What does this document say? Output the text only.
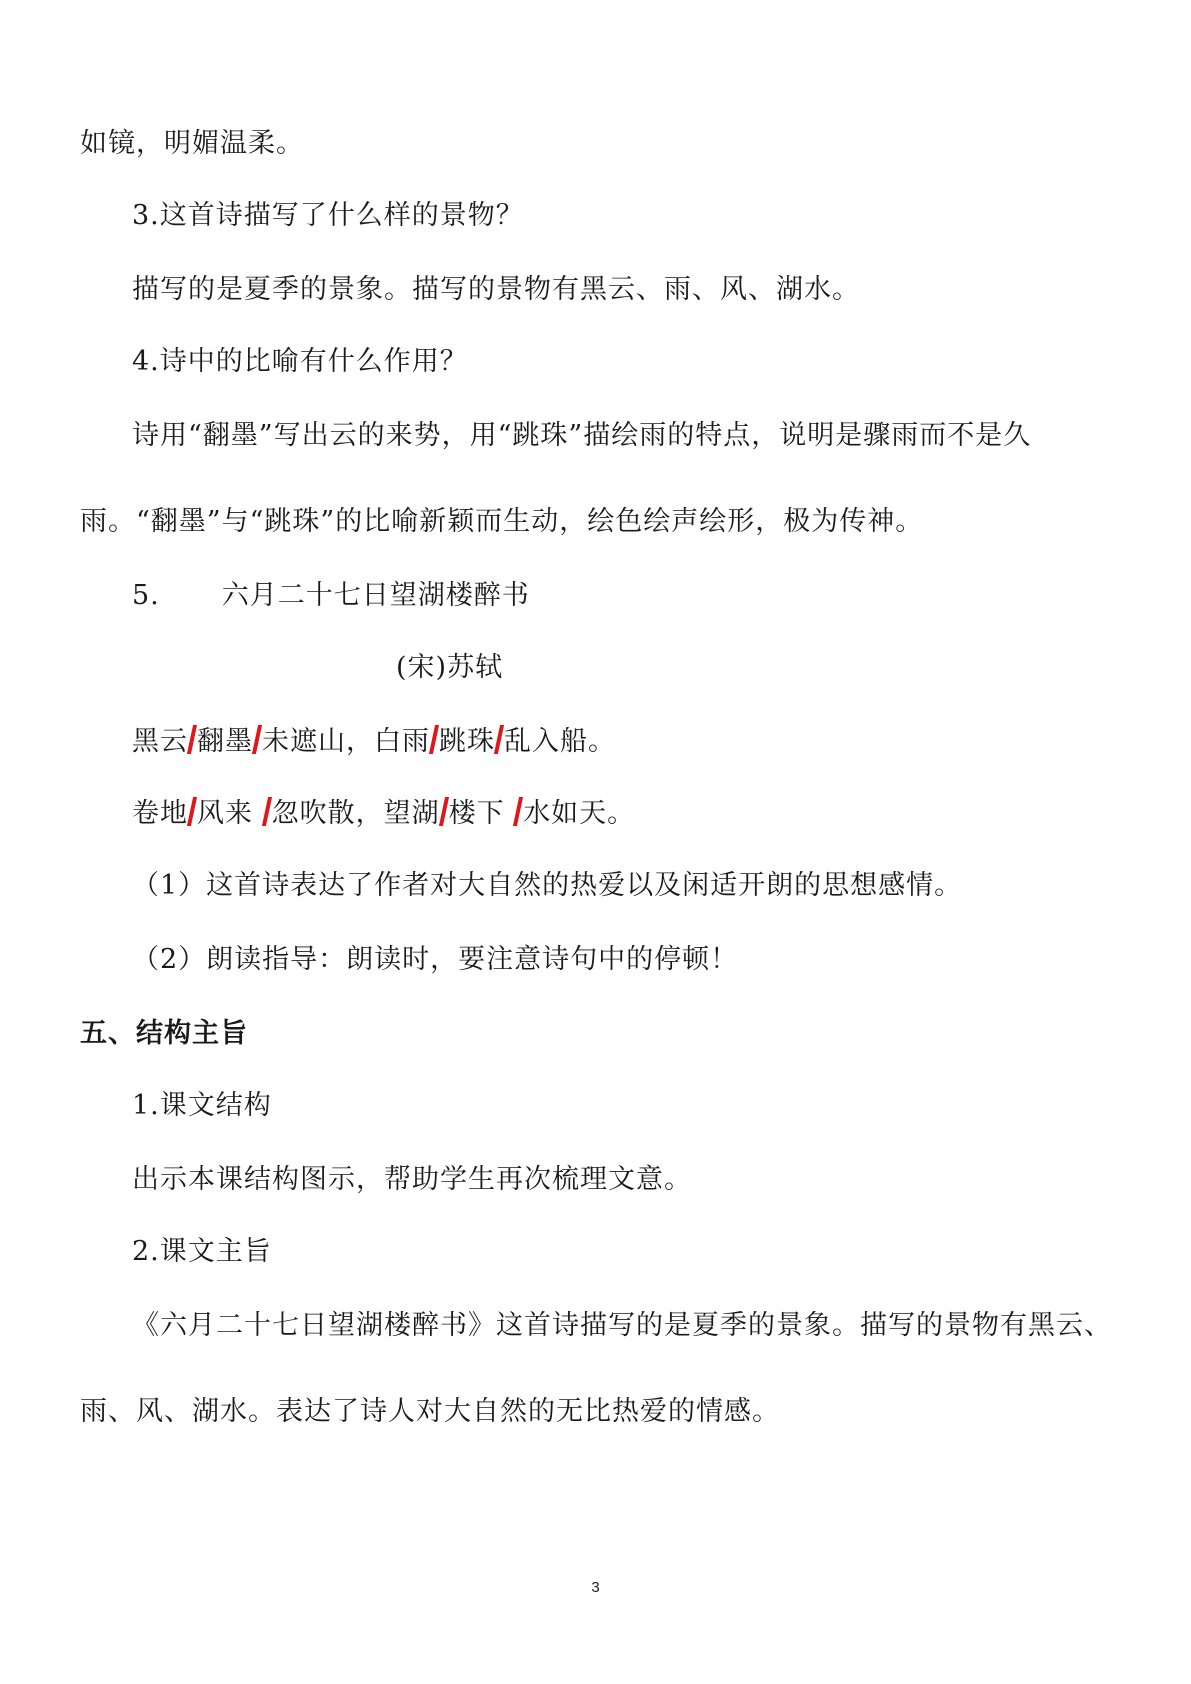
如镜，明媚温柔。
3.这首诗描写了什么样的景物？
描写的是夏季的景象。描写的景物有黑云、雨、风、湖水。
4.诗中的比喻有什么作用？
诗用“翻墨”写出云的来势，用“跳珠”描绘雨的特点，说明是骤雨而不是久
雨。“翻墨”与“跳珠”的比喻新颖而生动，绘色绘声绘形，极为传神。
5. 六月二十七日望湖楼醉书
(宋)苏轼
黑云 翻墨 未遮山，白雨 跳珠 乱入船。
卷地 风来 忽吹散，望湖 楼下 水如天。
（1）这首诗表达了作者对大自然的热爱以及闲适开朗的思想感情。
（2）朗读指导：朗读时，要注意诗句中的停顿！
五、结构主旨
1.课文结构
出示本课结构图示，帮助学生再次梳理文意。
2.课文主旨
《六月二十七日望湖楼醉书》这首诗描写的是夏季的景象。描写的景物有黑云、
雨、风、湖水。表达了诗人对大自然的无比热爱的情感。
3
